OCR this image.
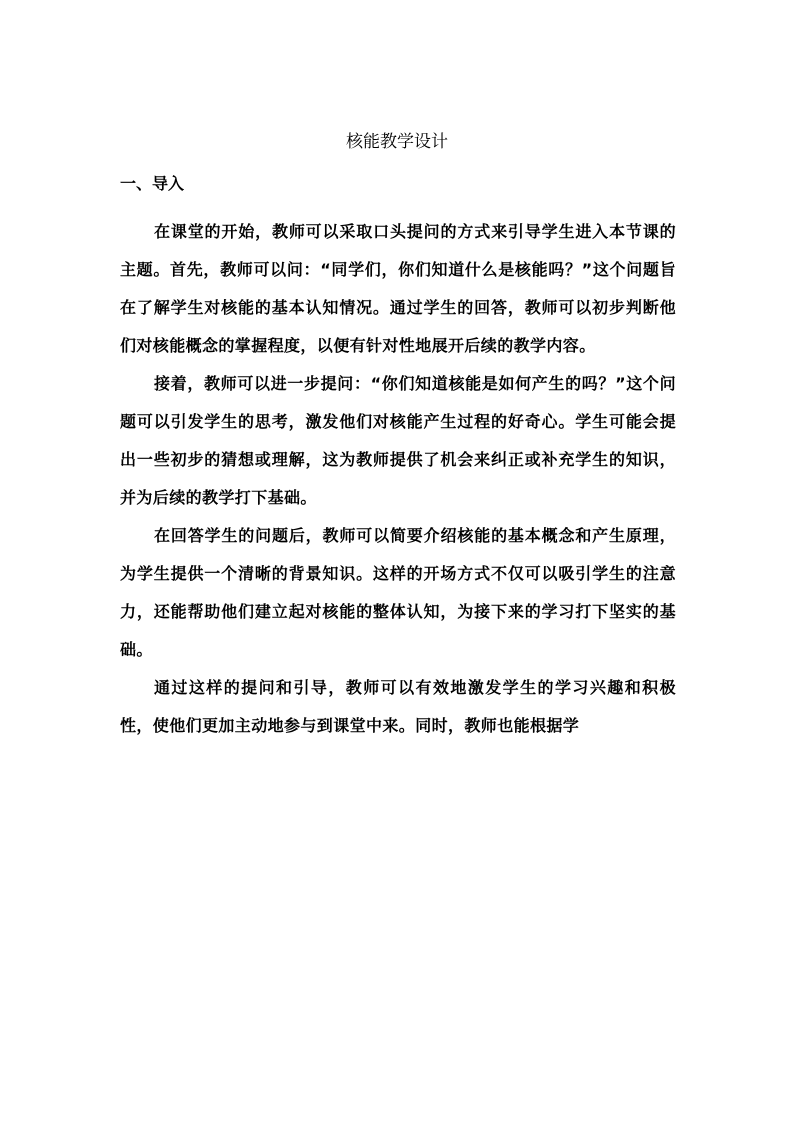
核能教学设计
一、导入

在课堂的开始，教师可以采取口头提问的方式来引导学生进入本节课的主题。首先，教师可以问：“同学们，你们知道什么是核能吗？”这个问题旨在了解学生对核能的基本认知情况。通过学生的回答，教师可以初步判断他们对核能概念的掌握程度，以便有针对性地展开后续的教学内容。

接着，教师可以进一步提问：“你们知道核能是如何产生的吗？”这个问题可以引发学生的思考，激发他们对核能产生过程的好奇心。学生可能会提出一些初步的猜想或理解，这为教师提供了机会来纠正或补充学生的知识，并为后续的教学打下基础。

在回答学生的问题后，教师可以简要介绍核能的基本概念和产生原理，为学生提供一个清晰的背景知识。这样的开场方式不仅可以吸引学生的注意力，还能帮助他们建立起对核能的整体认知，为接下来的学习打下坚实的基础。

通过这样的提问和引导，教师可以有效地激发学生的学习兴趣和积极性，使他们更加主动地参与到课堂中来。同时，教师也能根据学
